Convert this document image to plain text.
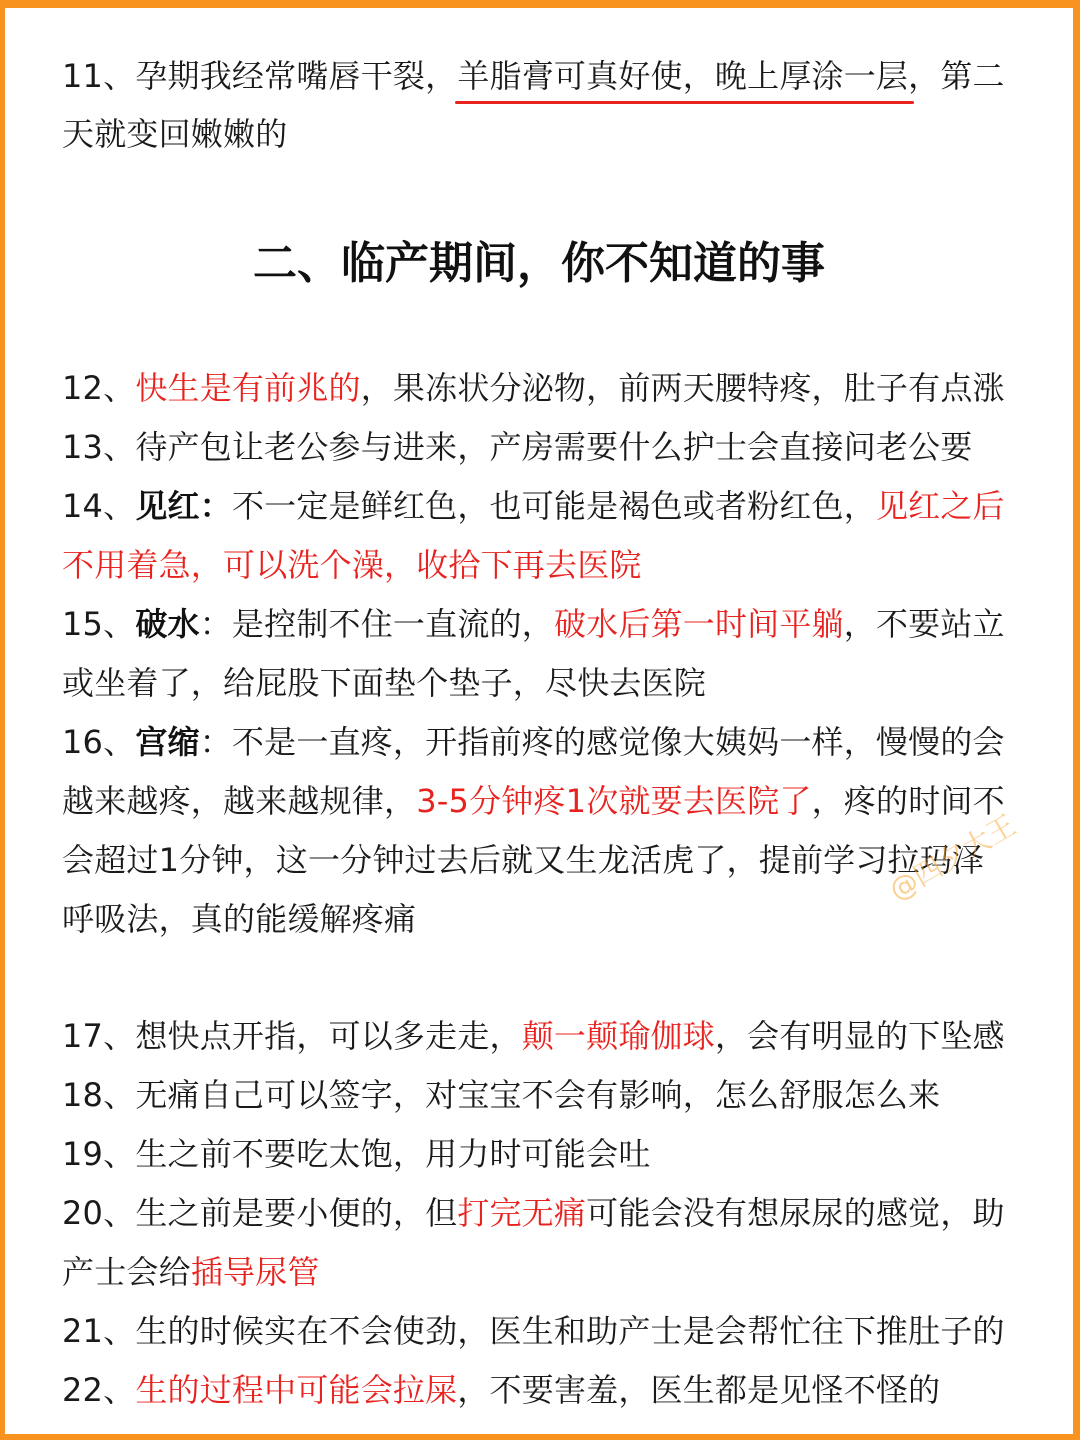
11、孕期我经常嘴唇干裂，羊脂膏可真好使，晚上厚涂一层，第二
天就变回嫩嫩的
12、快生是有前兆的，果冻状分泌物，前两天腰特疼，肚子有点涨
13、待产包让老公参与进来，产房需要什么护士会直接问老公要
14、见红：不一定是鲜红色，也可能是褐色或者粉红色，见红之后
不用着急，可以洗个澡，收拾下再去医院
15、破水：是控制不住一直流的，破水后第一时间平躺，不要站立
或坐着了，给屁股下面垫个垫子，尽快去医院
16、宫缩：不是一直疼，开指前疼的感觉像大姨妈一样，慢慢的会
越来越疼，越来越规律，3-5分钟疼1次就要去医院了，疼的时间不
会超过1分钟，这一分钟过去后就又生龙活虎了，提前学习拉玛泽
呼吸法，真的能缓解疼痛
17、想快点开指，可以多走走，颠一颠瑜伽球，会有明显的下坠感
18、无痛自己可以签字，对宝宝不会有影响，怎么舒服怎么来
19、生之前不要吃太饱，用力时可能会吐
20、生之前是要小便的，但打完无痛可能会没有想尿尿的感觉，助
产士会给插导尿管
21、生的时候实在不会使劲，医生和助产士是会帮忙往下推肚子的
22、生的过程中可能会拉屎，不要害羞，医生都是见怪不怪的
二、临产期间，你不知道的事
@四夕大王
